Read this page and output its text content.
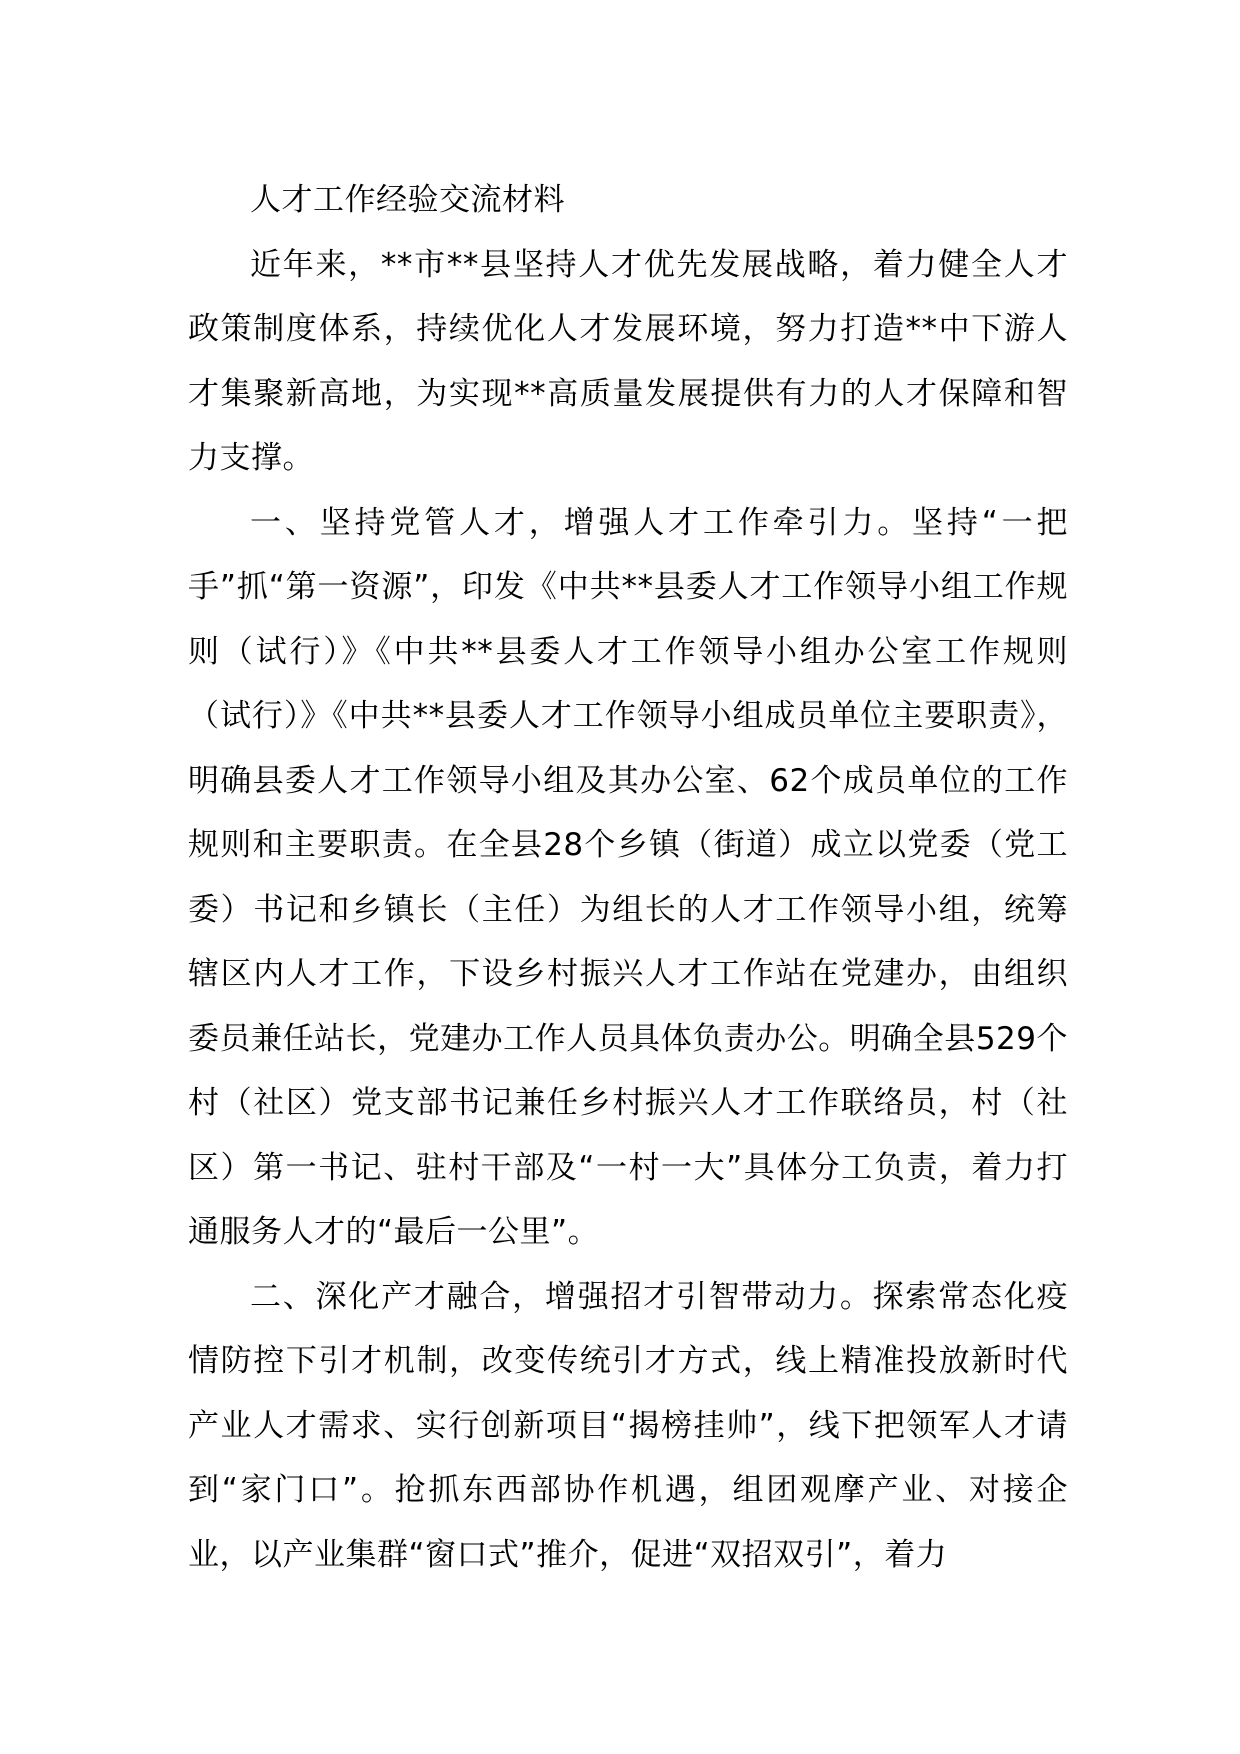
人才工作经验交流材料

近年来，**市**县坚持人才优先发展战略，着力健全人才政策制度体系，持续优化人才发展环境，努力打造**中下游人才集聚新高地，为实现**高质量发展提供有力的人才保障和智力支撑。

一、坚持党管人才，增强人才工作牵引力。坚持“一把手”抓“第一资源”，印发《中共**县委人才工作领导小组工作规则（试行）》《中共**县委人才工作领导小组办公室工作规则（试行）》《中共**县委人才工作领导小组成员单位主要职责》，明确县委人才工作领导小组及其办公室、62个成员单位的工作规则和主要职责。在全县28个乡镇（街道）成立以党委（党工委）书记和乡镇长（主任）为组长的人才工作领导小组，统筹辖区内人才工作，下设乡村振兴人才工作站在党建办，由组织委员兼任站长，党建办工作人员具体负责办公。明确全县529个村（社区）党支部书记兼任乡村振兴人才工作联络员，村（社区）第一书记、驻村干部及“一村一大”具体分工负责，着力打通服务人才的“最后一公里”。

二、深化产才融合，增强招才引智带动力。探索常态化疫情防控下引才机制，改变传统引才方式，线上精准投放新时代产业人才需求、实行创新项目“揭榜挂帅”，线下把领军人才请到“家门口”。抢抓东西部协作机遇，组团观摩产业、对接企业，以产业集群“窗口式”推介，促进“双招双引”，着力
